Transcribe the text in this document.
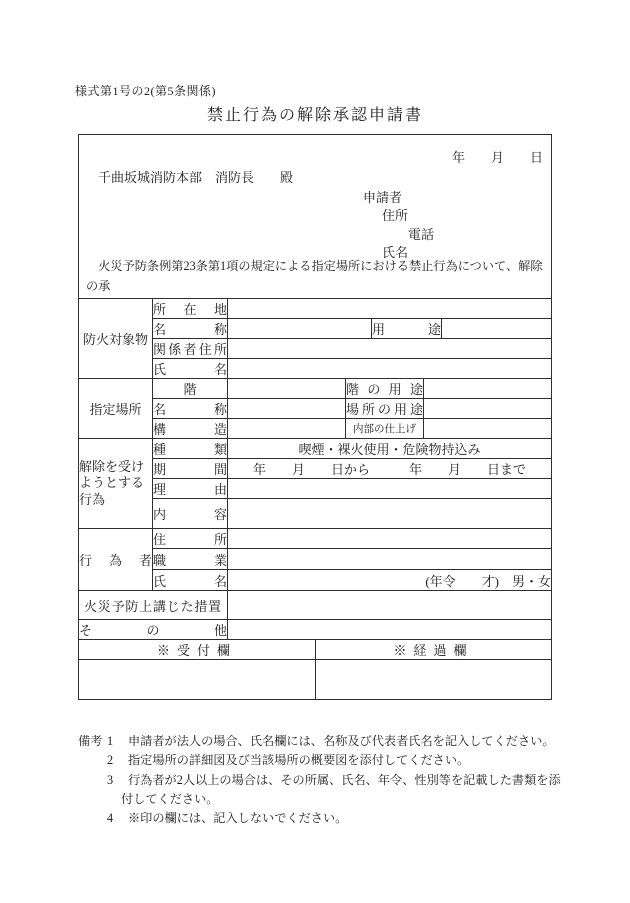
様式第1号の2(第5条関係)
禁止行為の解除承認申請書
年　　月　　日
千曲坂城消防本部　消防長　　殿
申請者
住所
電話
氏名
　火災予防条例第23条第1項の規定による指定場所における禁止行為について、解除の承

防火対象物	所在地						
	名称				用途		
	関係者住所						
	氏名						
指定場所	階			階の用途			
	名称			場所の用途			
	構造			内部の仕上げ			
解除を受けようとする行為	種類	喫煙・裸火使用・危険物持込み					
	期間	年　　月　　日から　　　年　　月　　日まで					
	理由						
	内容						
行為者	住所						
	職業						
	氏名	(年令　　才)　男・女					
火災予防上講じた措置							
その他							
※受付欄			※経過欄				

備考 1	申請者が法人の場合、氏名欄には、名称及び代表者氏名を記入してください。
2	指定場所の詳細図及び当該場所の概要図を添付してください。
3	行為者が2人以上の場合は、その所属、氏名、年令、性別等を記載した書類を添
付してください。
4	※印の欄には、記入しないでください。
